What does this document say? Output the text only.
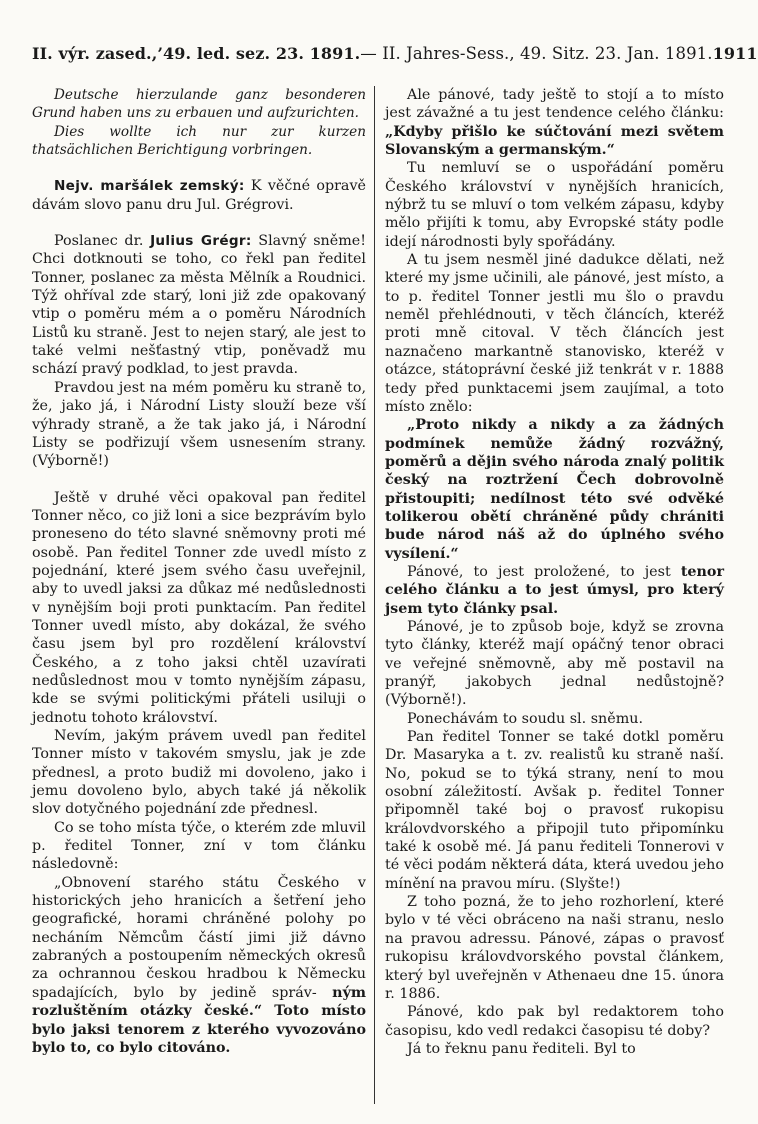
II. výr. zased.,’49. led. sez. 23. 1891. — II. Jahres-Sess., 49. Sitz. 23. Jan. 1891. 1911

Deutsche hierzulande ganz besonderen Grund haben uns zu erbauen und aufzurichten.

Dies wollte ich nur zur kurzen thatsächlichen Berichtigung vorbringen.

Nejv. maršálek zemský: K věčné opravě dávám slovo panu dru Jul. Grégrovi.

Poslanec dr. Julius Grégr: Slavný sněme! Chci dotknouti se toho, co řekl pan ředitel Tonner, poslanec za města Mělník a Roudnici. Týž ohříval zde starý, loni již zde opakovaný vtip o poměru mém a o poměru Národních Listů ku straně. Jest to nejen starý, ale jest to také velmi nešťastný vtip, poněvadž mu schází pravý podklad, to jest pravda.

Pravdou jest na mém poměru ku straně to, že, jako já, i Národní Listy slouží beze vší výhrady straně, a že tak jako já, i Národní Listy se podřizují všem usnesením strany. (Výborně!)

Ještě v druhé věci opakoval pan ředitel Tonner něco, co již loni a sice bezprávím bylo proneseno do této slavné sněmovny proti mé osobě. Pan ředitel Tonner zde uvedl místo z pojednání, které jsem svého času uveřejnil, aby to uvedl jaksi za důkaz mé nedůslednosti v nynějším boji proti punktacím. Pan ředitel Tonner uvedl místo, aby dokázal, že svého času jsem byl pro rozdělení království Českého, a z toho jaksi chtěl uzavírati nedůslednost mou v tomto nynějším zápasu, kde se svými politickými přáteli usiluji o jednotu tohoto království.

Nevím, jakým právem uvedl pan ředitel Tonner místo v takovém smyslu, jak je zde přednesl, a proto budiž mi dovoleno, jako i jemu dovoleno bylo, abych také já několik slov dotyčného pojednání zde přednesl.

Co se toho místa týče, o kterém zde mluvil p. ředitel Tonner, zní v tom článku následovně:

„Obnovení starého státu Českého v historických jeho hranicích a šetření jeho geografické, horami chráněné polohy po necháním Němcům částí jimi již dávno zabraných a postoupením německých okresů za ochrannou českou hradbou k Německu spadajících, bylo by jedině správ- ným rozluštěním otázky české.“ Toto místo bylo jaksi tenorem z kterého vyvozováno bylo to, co bylo citováno.

Ale pánové, tady ještě to stojí a to místo jest závažné a tu jest tendence celého článku: „Kdyby přišlo ke súčtování mezi světem Slovanským a germanským.“

Tu nemluví se o uspořádání poměru Českého království v nynějších hranicích, nýbrž tu se mluví o tom velkém zápasu, kdyby mělo přijíti k tomu, aby Evropské státy podle idejí národnosti byly spořádány.

A tu jsem nesměl jiné dadukce dělati, než které my jsme učinili, ale pánové, jest místo, a to p. ředitel Tonner jestli mu šlo o pravdu neměl přehlédnouti, v těch článcích, kteréž proti mně citoval. V těch článcích jest naznačeno markantně stanovisko, kteréž v otázce, státoprávní české již tenkrát v r. 1888 tedy před punktacemi jsem zaujímal, a toto místo znělo:

„Proto nikdy a nikdy a za žádných podmínek nemůže žádný rozvážný, poměrů a dějin svého národa znalý politik český na roztržení Čech dobrovolně přistoupiti; nedílnost této své odvěké tolikerou obětí chráněné půdy chrániti bude národ náš až do úplného svého vysílení.“

Pánové, to jest proložené, to jest tenor celého článku a to jest úmysl, pro který jsem tyto články psal.

Pánové, je to způsob boje, když se zrovna tyto články, kteréž mají opáčný tenor obraci ve veřejné sněmovně, aby mě postavil na pranýř, jakobych jednal nedůstojně? (Výborně!).

Ponechávám to soudu sl. sněmu.

Pan ředitel Tonner se také dotkl poměru Dr. Masaryka a t. zv. realistů ku straně naší. No, pokud se to týká strany, není to mou osobní záležitostí. Avšak p. ředitel Tonner připomněl také boj o pravosť rukopisu královdvorského a připojil tuto připomínku také k osobě mé. Já panu řediteli Tonnerovi v té věci podám některá dáta, která uvedou jeho mínění na pravou míru. (Slyšte!)

Z toho pozná, že to jeho rozhorlení, které bylo v té věci obráceno na naši stranu, neslo na pravou adressu. Pánové, zápas o pravosť rukopisu královdvorského povstal článkem, který byl uveřejněn v Athenaeu dne 15. února r. 1886.

Pánové, kdo pak byl redaktorem toho časopisu, kdo vedl redakci časopisu té doby?

Já to řeknu panu řediteli. Byl to
